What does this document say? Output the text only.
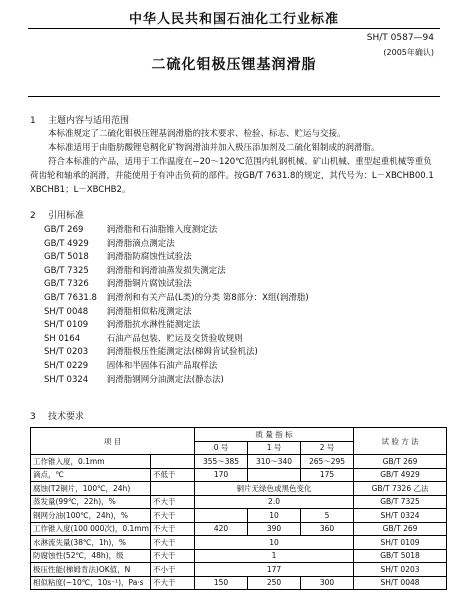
中华人民共和国石油化工行业标准
SH/T 0587—94
(2005年确认)
二硫化钼极压锂基润滑脂
1 主题内容与适用范围
本标准规定了二硫化钼极压锂基润滑脂的技术要求、检验、标志、贮运与交接。
本标准适用于由脂肪酸锂皂稠化矿物润滑油并加入极压添加剂及二硫化钼制成的润滑脂。
符合本标准的产品，适用于工作温度在−20～120℃范围内轧钢机械、矿山机械、重型起重机械等重负荷齿轮和轴承的润滑，并能使用于有冲击负荷的部件。按GB/T 7631.8的规定，其代号为：L－XBCHB00.1 XBCHB1；L－XBCHB2。
2 引用标准
GB/T 269	润滑脂和石油脂锥入度测定法
GB/T 4929 润滑脂滴点测定法
GB/T 5018 润滑脂防腐蚀性试验法
GB/T 7325 润滑脂和润滑油蒸发损失测定法
GB/T 7326 润滑脂铜片腐蚀试验法
GB/T 7631.8 润滑剂和有关产品(L类)的分类 第8部分：X组(润滑脂)
SH/T 0048 润滑脂相似粘度测定法
SH/T 0109 润滑脂抗水淋性能测定法
SH 0164	石油产品包装、贮运及交货验收规则
SH/T 0203 润滑脂极压性能测定法(梯姆肯试验机法)
SH/T 0229 固体和半固体石油产品取样法
SH/T 0324 润滑脂钢网分油测定法(静态法)
3 技术要求
项 目		质 量 指 标			试 验 方 法
		0 号	1 号	2 号	
工作锥入度，0.1mm		355～385	310～340	265～295	GB/T 269
滴点，℃	不低于	170		175	GB/T 4929
腐蚀(T2铜片，100℃，24h)		铜片无绿色或黑色变化			GB/T 7326 乙法
蒸发量(99℃，22h)，%	不大于	2.0			GB/T 7325
钢网分油(100℃，24h)，%	不大于		10	5	SH/T 0324
工作锥入度(100 000次)，0.1mm	不大于	420	390	360	GB/T 269
水淋流失量(38℃，1h)，%	不大于	10			SH/T 0109
防腐蚀性(52℃，48h)，级	不大于	1			GB/T 5018
极压性能(梯姆肯法)OK值，N	不小于	177			SH/T 0203
相似粘度(−10℃，10s⁻¹)，Pa·s	不大于	150	250	300	SH/T 0048
